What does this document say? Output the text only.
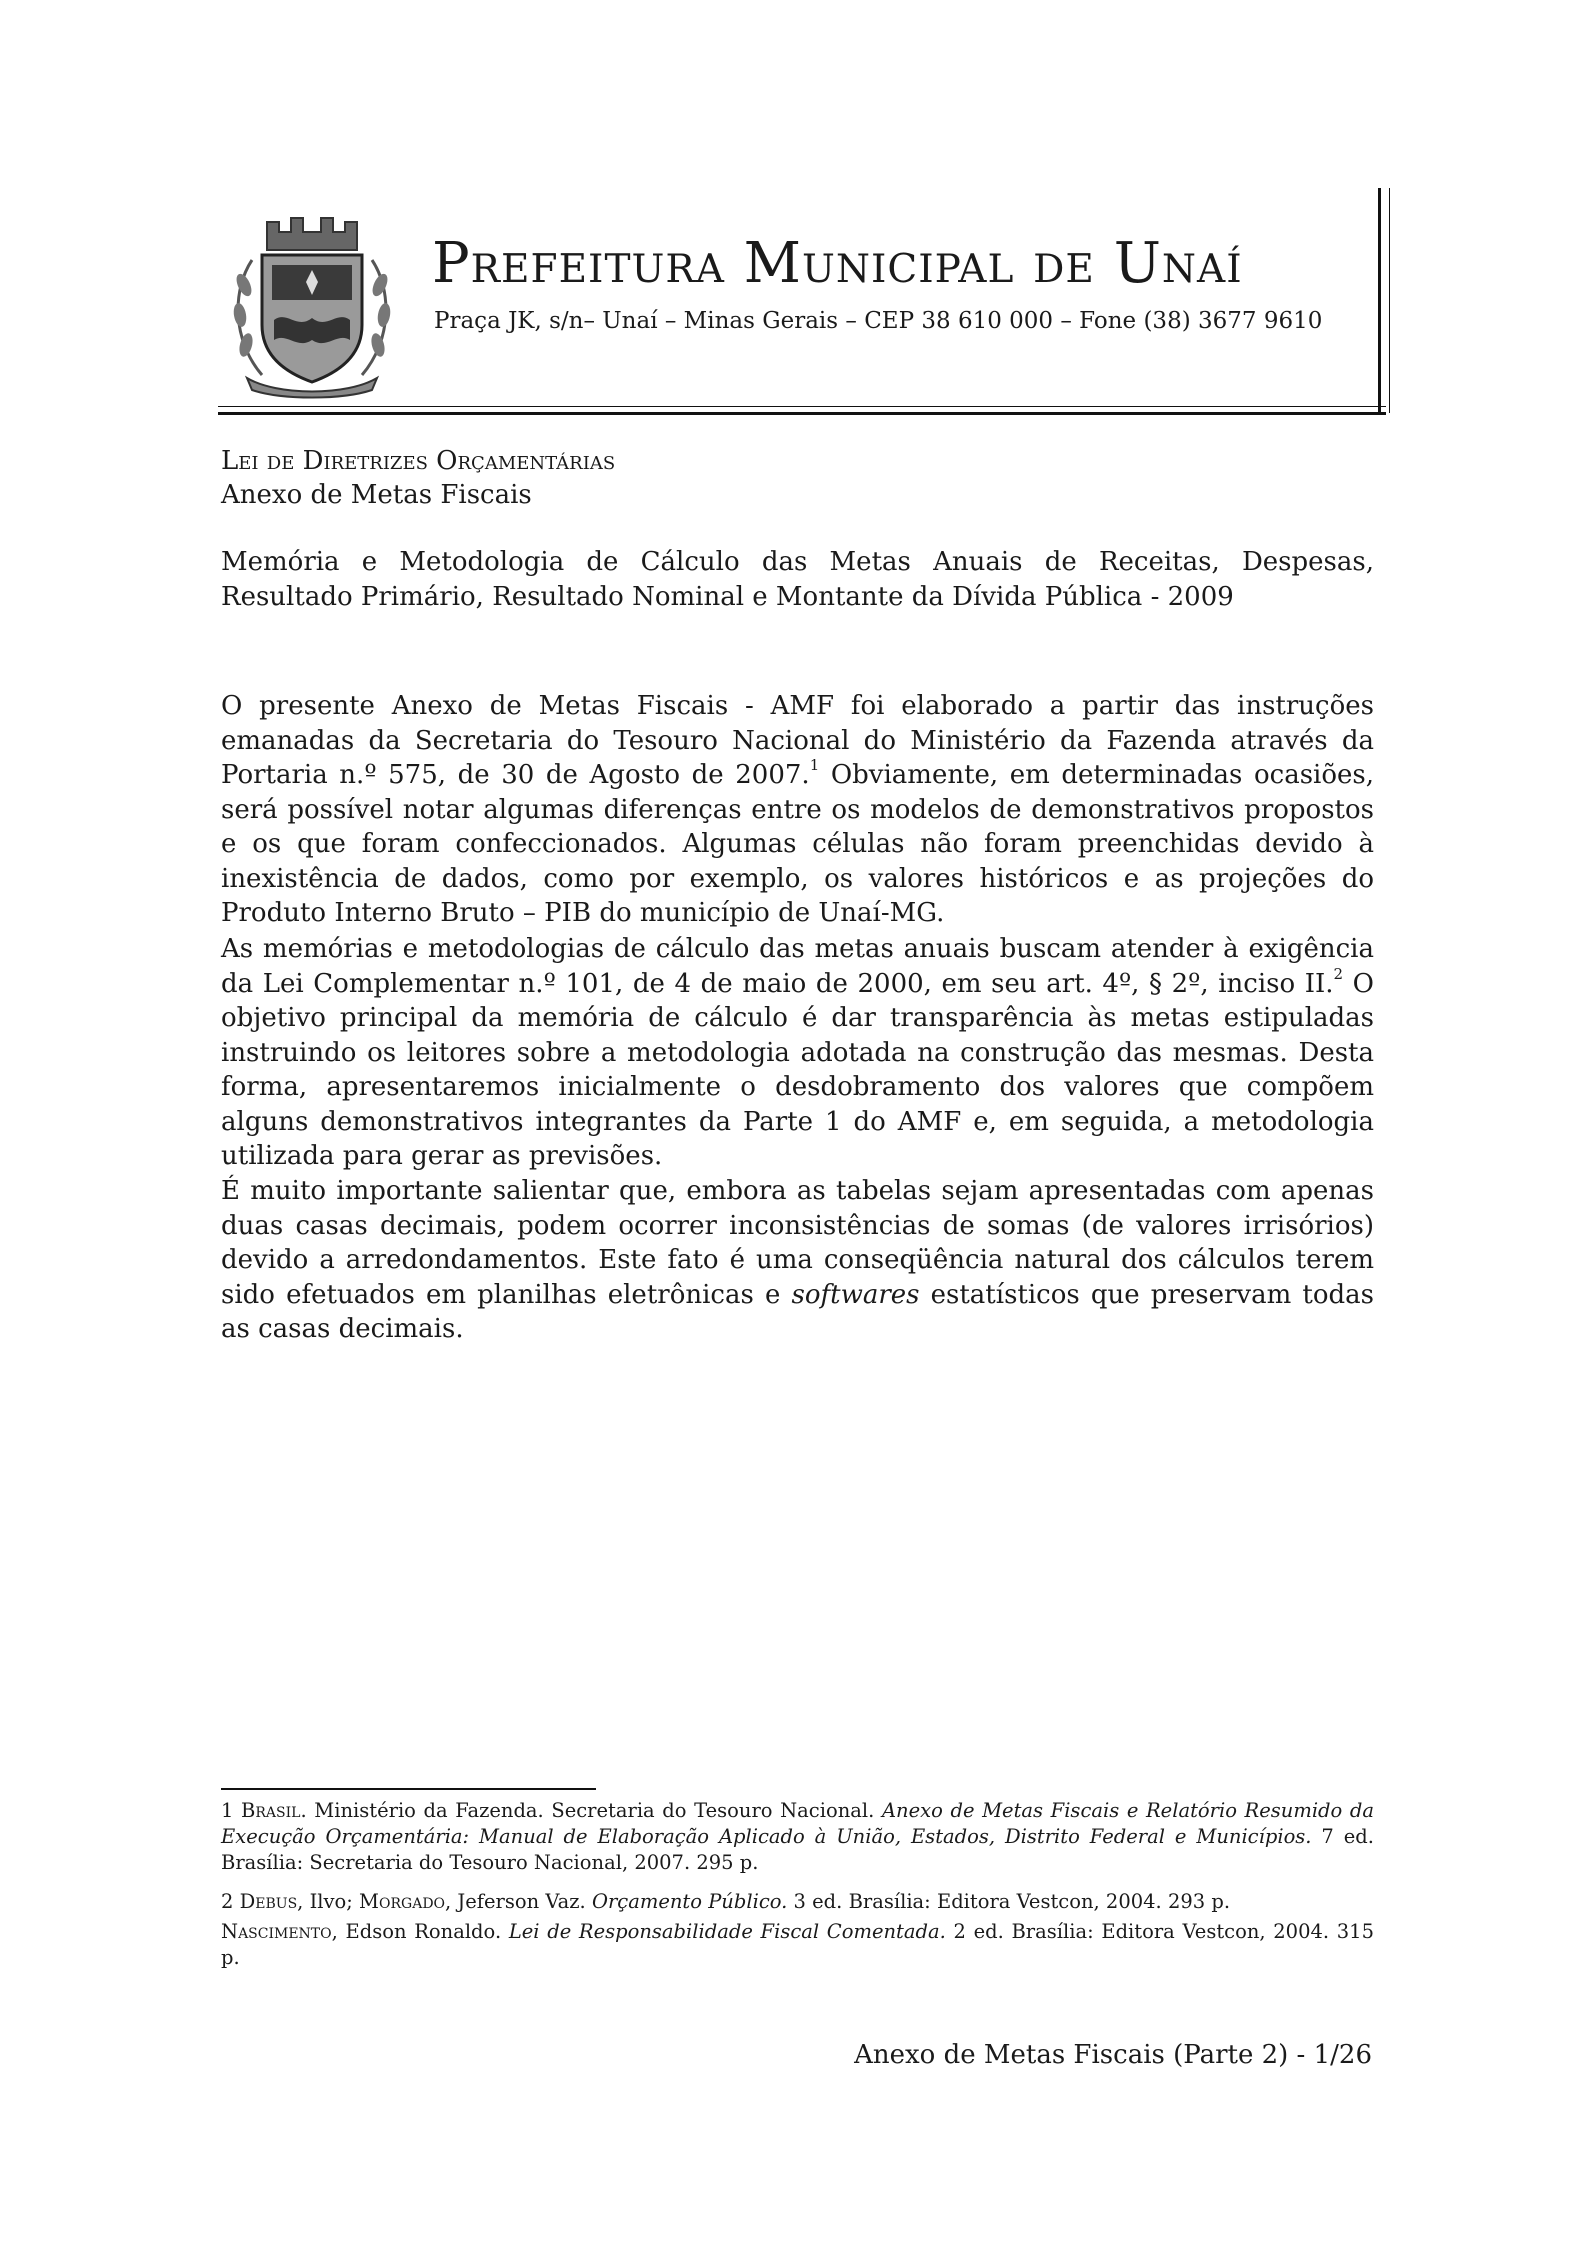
Prefeitura Municipal de Unaí
Praça JK, s/n– Unaí – Minas Gerais – CEP 38 610 000 – Fone (38) 3677 9610
Lei de Diretrizes Orçamentárias
Anexo de Metas Fiscais
Memória e Metodologia de Cálculo das Metas Anuais de Receitas, Despesas, Resultado Primário, Resultado Nominal e Montante da Dívida Pública - 2009
O presente Anexo de Metas Fiscais - AMF foi elaborado a partir das instruções emanadas da Secretaria do Tesouro Nacional do Ministério da Fazenda através da Portaria n.º 575, de 30 de Agosto de 2007.$^1$ Obviamente, em determinadas ocasiões, será possível notar algumas diferenças entre os modelos de demonstrativos propostos e os que foram confeccionados. Algumas células não foram preenchidas devido à inexistência de dados, como por exemplo, os valores históricos e as projeções do Produto Interno Bruto – PIB do município de Unaí-MG.
As memórias e metodologias de cálculo das metas anuais buscam atender à exigência da Lei Complementar n.º 101, de 4 de maio de 2000, em seu art. 4º, § 2º, inciso II.$^2$ O objetivo principal da memória de cálculo é dar transparência às metas estipuladas instruindo os leitores sobre a metodologia adotada na construção das mesmas. Desta forma, apresentaremos inicialmente o desdobramento dos valores que compõem alguns demonstrativos integrantes da Parte 1 do AMF e, em seguida, a metodologia utilizada para gerar as previsões.
É muito importante salientar que, embora as tabelas sejam apresentadas com apenas duas casas decimais, podem ocorrer inconsistências de somas (de valores irrisórios) devido a arredondamentos. Este fato é uma conseqüência natural dos cálculos terem sido efetuados em planilhas eletrônicas e softwares estatísticos que preservam todas as casas decimais.
1 Brasil. Ministério da Fazenda. Secretaria do Tesouro Nacional. Anexo de Metas Fiscais e Relatório Resumido da Execução Orçamentária: Manual de Elaboração Aplicado à União, Estados, Distrito Federal e Municípios. 7 ed. Brasília: Secretaria do Tesouro Nacional, 2007. 295 p.
2 Debus, Ilvo; Morgado, Jeferson Vaz. Orçamento Público. 3 ed. Brasília: Editora Vestcon, 2004. 293 p.
Nascimento, Edson Ronaldo. Lei de Responsabilidade Fiscal Comentada. 2 ed. Brasília: Editora Vestcon, 2004. 315 p.
Anexo de Metas Fiscais (Parte 2) - 1/26
